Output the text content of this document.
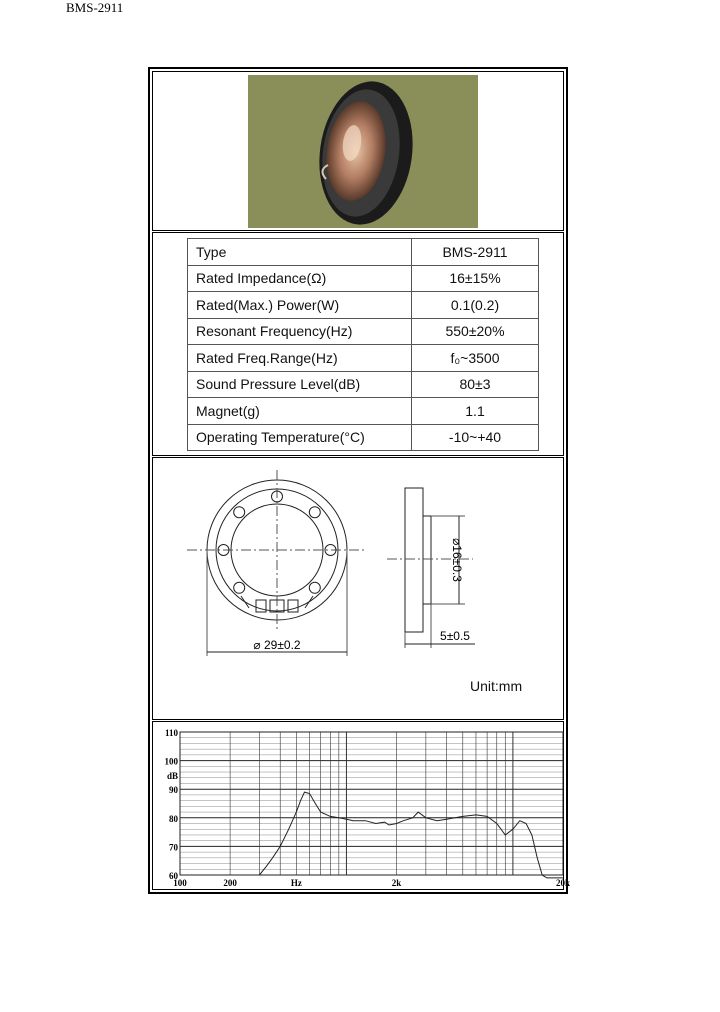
BMS-2911
Type	BMS-2911
Rated Impedance(Ω)	16±15%
Rated(Max.) Power(W)	0.1(0.2)
Resonant Frequency(Hz)	550±20%
Rated Freq.Range(Hz)	f₀~3500
Sound Pressure Level(dB)	80±3
Magnet(g)	1.1
Operating Temperature(°C)	-10~+40
⌀ 29±0.2
⌀16±0.3
5±0.5
Unit:mm
110
100
dB
90
80
70
60
100	200	Hz	2k	20k
